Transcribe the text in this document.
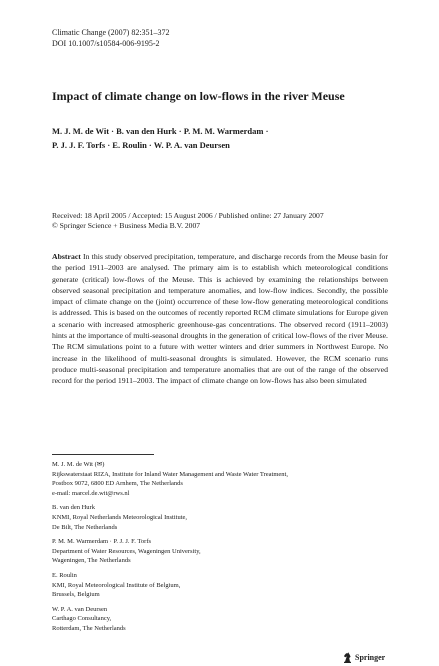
Climatic Change (2007) 82:351–372
DOI 10.1007/s10584-006-9195-2
Impact of climate change on low-flows in the river Meuse
M. J. M. de Wit · B. van den Hurk · P. M. M. Warmerdam ·
P. J. J. F. Torfs · E. Roulin · W. P. A. van Deursen
Received: 18 April 2005 / Accepted: 15 August 2006 / Published online: 27 January 2007
© Springer Science + Business Media B.V. 2007
Abstract In this study observed precipitation, temperature, and discharge records from the Meuse basin for the period 1911–2003 are analysed. The primary aim is to establish which meteorological conditions generate (critical) low-flows of the Meuse. This is achieved by examining the relationships between observed seasonal precipitation and temperature anomalies, and low-flow indices. Secondly, the possible impact of climate change on the (joint) occurrence of these low-flow generating meteorological conditions is addressed. This is based on the outcomes of recently reported RCM climate simulations for Europe given a scenario with increased atmospheric greenhouse-gas concentrations. The observed record (1911–2003) hints at the importance of multi-seasonal droughts in the generation of critical low-flows of the river Meuse. The RCM simulations point to a future with wetter winters and drier summers in Northwest Europe. No increase in the likelihood of multi-seasonal droughts is simulated. However, the RCM scenario runs produce multi-seasonal precipitation and temperature anomalies that are out of the range of the observed record for the period 1911–2003. The impact of climate change on low-flows has also been simulated
M. J. M. de Wit (✉)
Rijkswaterstaat RIZA, Institute for Inland Water Management and Waste Water Treatment,
Postbox 9072, 6800 ED Arnhem, The Netherlands
e-mail: marcel.de.wit@rws.nl
B. van den Hurk
KNMI, Royal Netherlands Meteorological Institute,
De Bilt, The Netherlands
P. M. M. Warmerdam · P. J. J. F. Torfs
Department of Water Resources, Wageningen University,
Wageningen, The Netherlands
E. Roulin
KMI, Royal Meteorological Institute of Belgium,
Brussels, Belgium
W. P. A. van Deursen
Carthago Consultancy,
Rotterdam, The Netherlands
Springer
